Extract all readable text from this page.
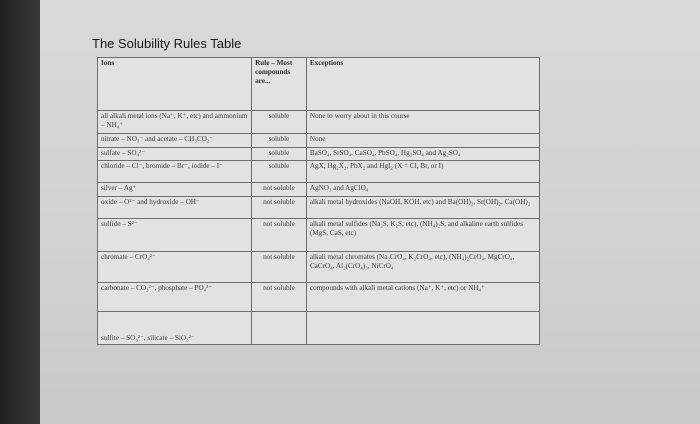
The Solubility Rules Table
Ions	Rule – Most compounds are...	Exceptions
all alkali metal ions (Na⁺, K⁺, etc) and ammonium – NH₄⁺	soluble	None to worry about in this course
nitrate – NO₃⁻ and acetate – CH₃CO₂⁻	soluble	None
sulfate – SO₄²⁻	soluble	BaSO₄, SrSO₄, CaSO₄, PbSO₄, Hg₂SO₄ and Ag₂SO₄
chloride – Cl⁻, bromide – Br⁻, iodide – I⁻	soluble	AgX, Hg₂X₂, PbX₂ and HgI₂ (X = Cl, Br, or I)
silver – Ag⁺	not soluble	AgNO₃ and AgClO₄
oxide – O²⁻ and hydroxide – OH⁻	not soluble	alkali metal hydroxides (NaOH, KOH, etc) and Ba(OH)₂, Sr(OH)₂, Ca(OH)₂
sulfide – S²⁻	not soluble	alkali metal sulfides (Na₂S, K₂S, etc), (NH₄)₂S, and alkaline earth sulfides (MgS, CaS, etc)
chromate – CrO₄²⁻	not soluble	alkali metal chromates (Na₂CrO₄, K₂CrO₄, etc), (NH₄)₂CrO₄, MgCrO₄, CaCrO₄, Al₂(CrO₄)₃, NiCrO₄
carbonate – CO₃²⁻, phosphate – PO₄³⁻	not soluble	compounds with alkali metal cations (Na⁺, K⁺, etc) or NH₄⁺
sulfite – SO₃²⁻, silicate – SiO₃²⁻		
